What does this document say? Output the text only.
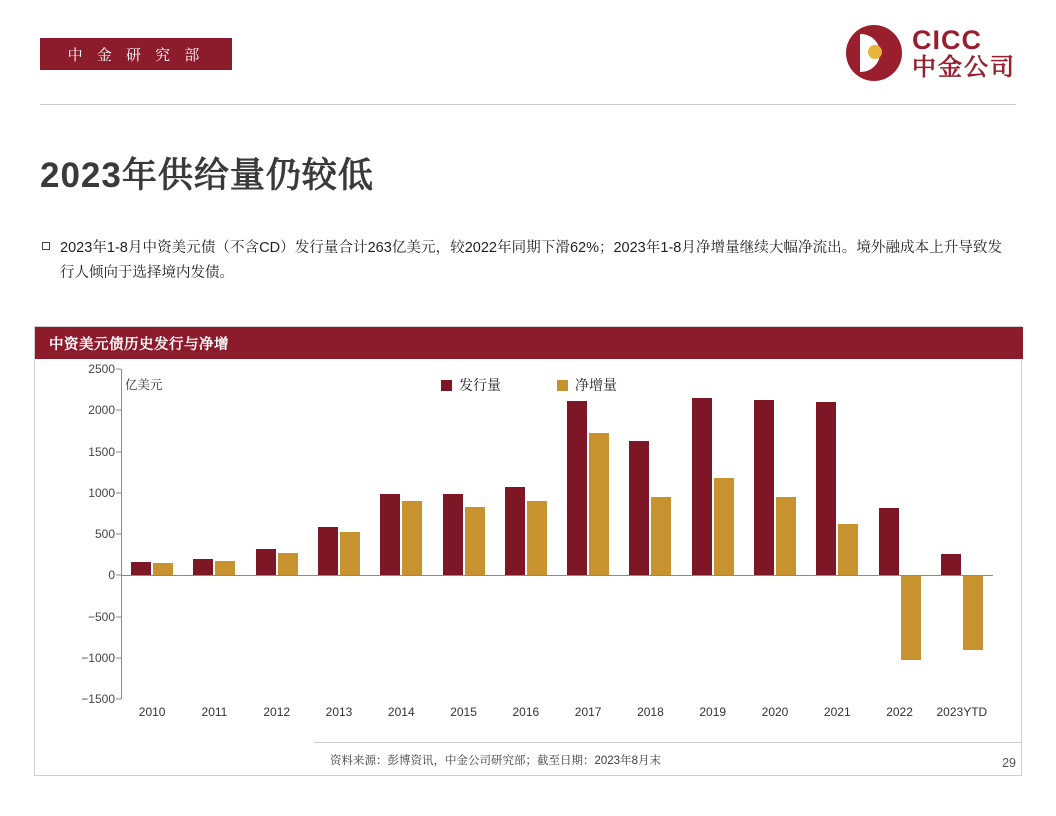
中 金 研 究 部	CICC
中金公司
2023年供给量仍较低
2023年1-8月中资美元债（不含CD）发行量合计263亿美元，较2022年同期下滑62%；2023年1-8月净增量继续大幅净流出。境外融成本上升导致发行人倾向于选择境内发债。
中资美元债历史发行与净增
亿美元	发行量	净增量
2500
2000
1500
1000
500
0
−500
−1000
−1500
2010	2011	2012	2013	2014	2015	2016	2017	2018	2019	2020	2021	2022 2023YTD
资料来源：彭博资讯，中金公司研究部；截至日期：2023年8月末	29
